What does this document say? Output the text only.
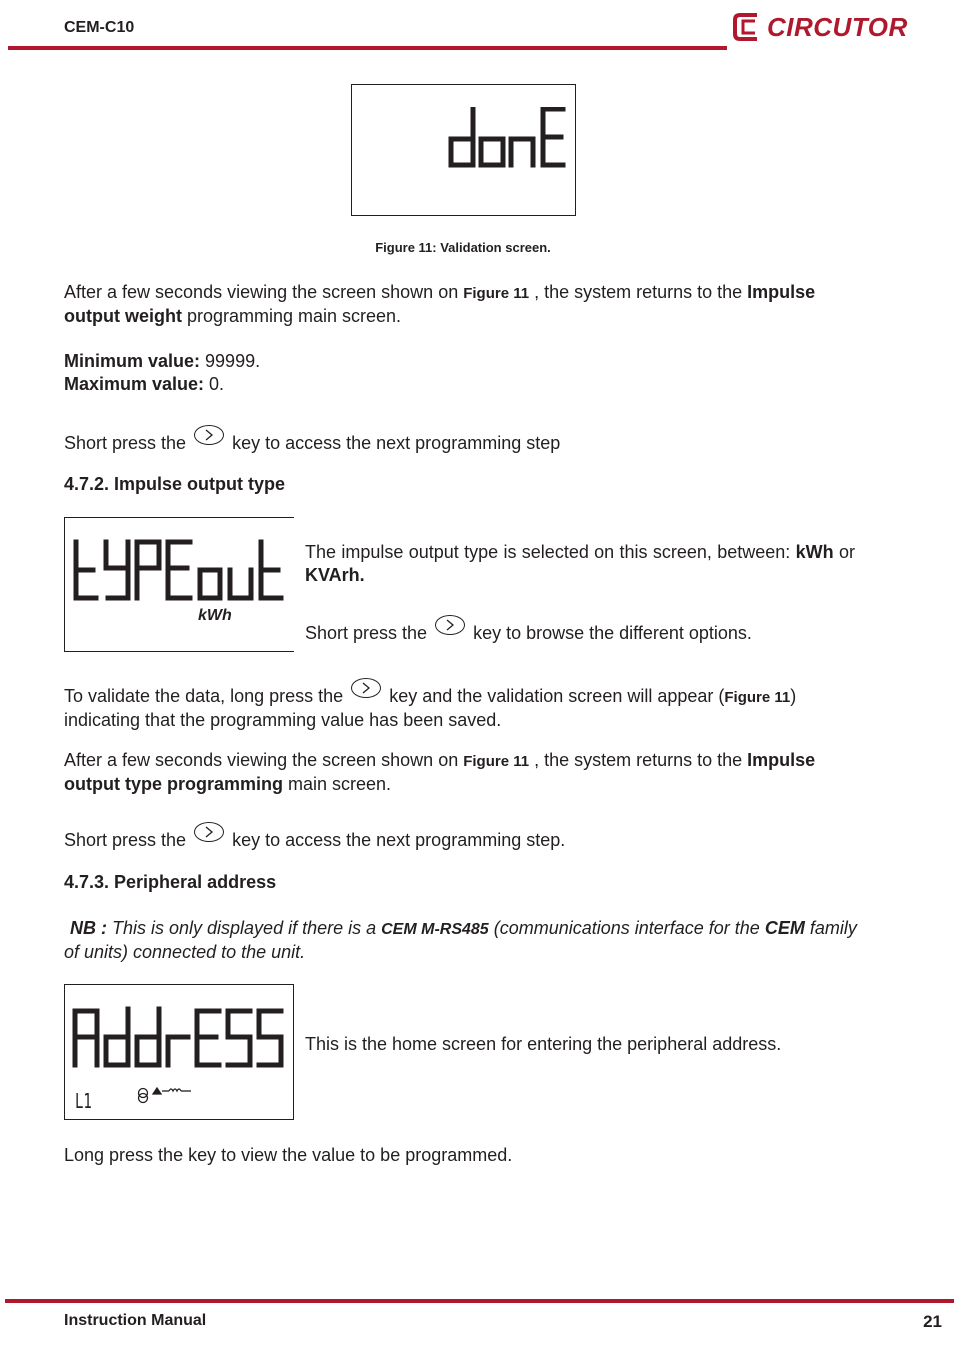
CEM-C10	CIRCUTOR
Figure 11: Validation screen.

After a few seconds viewing the screen shown on Figure 11 , the system returns to the Impulse output weight programming main screen.

Minimum value: 99999.

Maximum value: 0.

Short press the
key to access the next programming step

4.7.2. Impulse output type
kWh

The impulse output type is selected on this screen, between: kWh or KVArh.

Short press the
key to browse the different options.

To validate the data, long press the
key and the validation screen will appear (Figure 11) indicating that the programming value has been saved.

After a few seconds viewing the screen shown on Figure 11 , the system returns to the Impulse output type programming main screen.

Short press the
key to access the next programming step.

4.7.3. Peripheral address

NB : This is only displayed if there is a CEM M-RS485 (communications interface for the CEM family of units) connected to the unit.

L1

This is the home screen for entering the peripheral address.

Long press the key to view the value to be programmed.

Instruction Manual	21
